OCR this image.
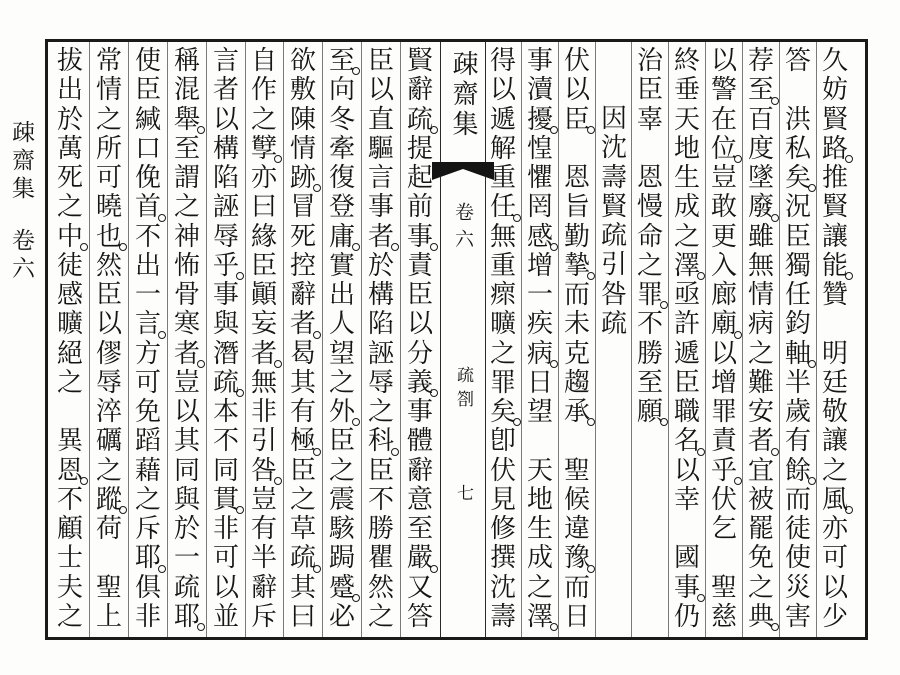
疎齋集
卷六
疎齋集
卷六
疏劄
七
久
妨
賢
路
推
賢
讓
能
贊

明
廷
敬
讓
之
風
亦
可
以
少
答

洪
私
矣
況
臣
獨
任
鈞
軸
半
歲
有
餘
而
徒
使
災
害
荐
至
百
度
墜
廢
雖
無
情
病
之
難
安
者
宜
被
罷
免
之
典
以
警
在
位
豈
敢
更
入
廊
廟
以
增
罪
責
乎
伏
乞

聖
慈
終
垂
天
地
生
成
之
澤
亟
許
遞
臣
職
名
以
幸

國
事
仍
治
臣
辜

恩
慢
命
之
罪
不
勝
至
願
因
沈
壽
賢
疏
引
咎
疏
伏
以
臣

恩
旨
勤
摯
而
未
克
趨
承

聖
候
違
豫
而
日
事
瀆
擾
惶
懼
罔
感
增
一
疾
病
日
望

天
地
生
成
之
澤
得
以
遞
解
重
任
無
重
瘝
曠
之
罪
矣
卽
伏
見
修
撰
沈
壽
賢
辭
疏
提
起
前
事
責
臣
以
分
義
事
體
辭
意
至
嚴
又
答
臣
以
直
驅
言
事
者
於
構
陷
誣
辱
之
科
臣
不
勝
瞿
然
之
至
向
冬
牽
復
登
庸
實
出
人
望
之
外
臣
之
震
駭
跼
蹙
必
欲
敷
陳
情
跡
冒
死
控
辭
者
曷
其
有
極
臣
之
草
疏
其
曰
自
作
之
孼
亦
曰
緣
臣
顚
妄
者
無
非
引
咎
豈
有
半
辭
斥
言
者
以
構
陷
誣
辱
乎
事
與
潛
疏
本
不
同
貫
非
可
以
並
稱
混
舉
至
謂
之
神
怖
骨
寒
者
豈
以
其
同
與
於
一
疏
耶
使
臣
緘
口
俛
首
不
出
一
言
方
可
免
蹈
藉
之
斥
耶
俱
非
常
情
之
所
可
曉
也
然
臣
以
僇
辱
淬
礪
之
蹤
荷

聖
上
拔
出
於
萬
死
之
中
徒
感
曠
絕
之

異
恩
不
顧
士
夫
之
